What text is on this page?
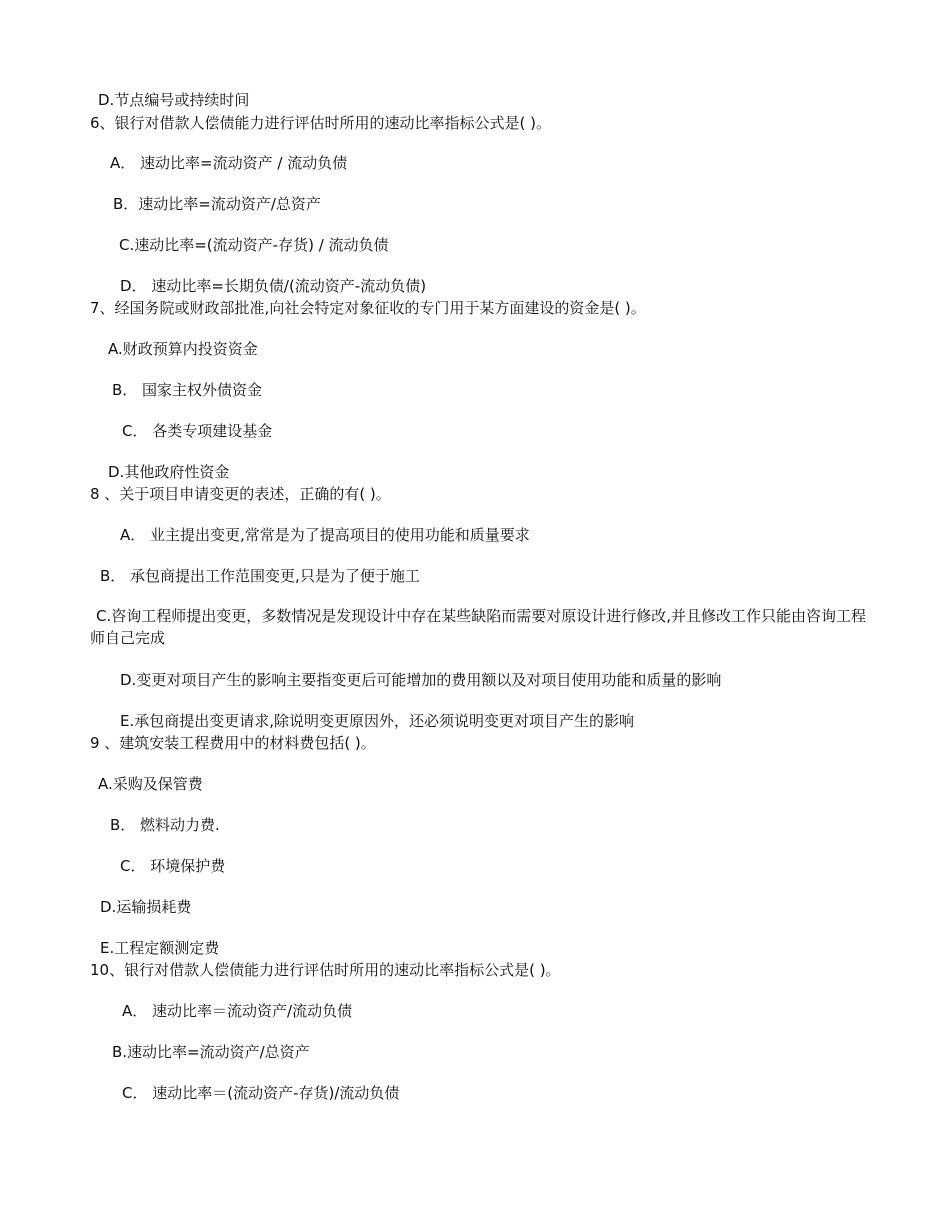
D.节点编号或持续时间
6、银行对借款人偿债能力进行评估时所用的速动比率指标公式是( )。
A． 速动比率=流动资产 / 流动负债
B．速动比率=流动资产/总资产
C.速动比率=(流动资产-存货) / 流动负债
D． 速动比率=长期负债/(流动资产-流动负债)
7、经国务院或财政部批准,向社会特定对象征收的专门用于某方面建设的资金是( )。
A.财政预算内投资资金
B． 国家主权外债资金
C． 各类专项建设基金
D.其他政府性资金
8 、关于项目申请变更的表述，正确的有( )。
A． 业主提出变更,常常是为了提高项目的使用功能和质量要求
B． 承包商提出工作范围变更,只是为了便于施工
C.咨询工程师提出变更，多数情况是发现设计中存在某些缺陷而需要对原设计进行修改,并且修改工作只能由咨询工程师自己完成
D.变更对项目产生的影响主要指变更后可能增加的费用额以及对项目使用功能和质量的影响
E.承包商提出变更请求,除说明变更原因外，还必须说明变更对项目产生的影响
9 、建筑安装工程费用中的材料费包括( )。
A.采购及保管费
B． 燃料动力费.
C． 环境保护费
D.运输损耗费
E.工程定额测定费
10、银行对借款人偿债能力进行评估时所用的速动比率指标公式是( )。
A． 速动比率＝流动资产/流动负债
B.速动比率=流动资产/总资产
C． 速动比率＝(流动资产-存货)/流动负债
